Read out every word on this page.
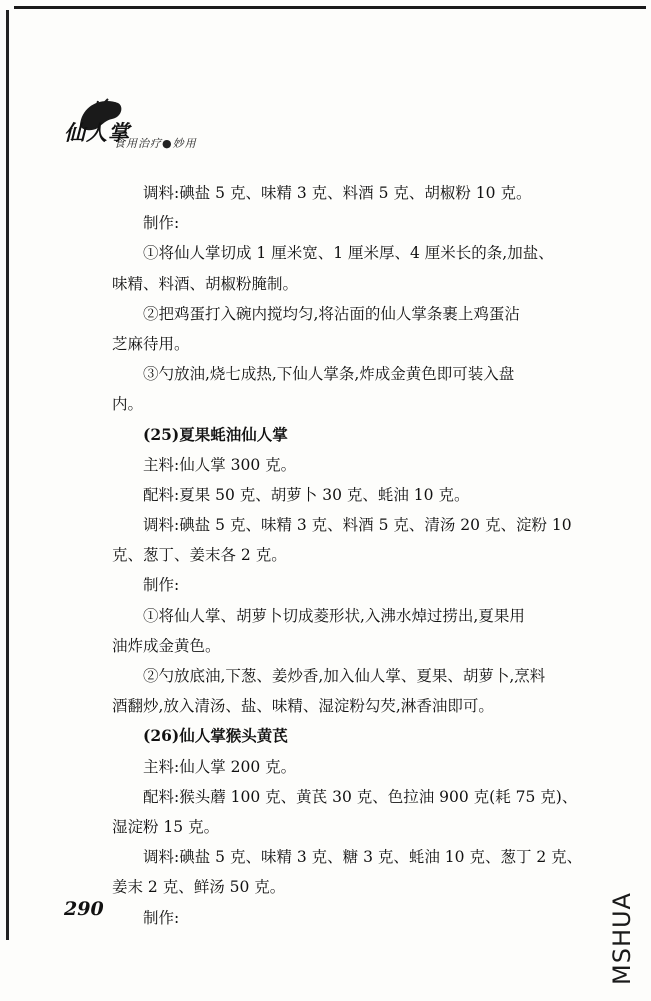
仙人掌
食用治疗●妙用
调料:碘盐 5 克、味精 3 克、料酒 5 克、胡椒粉 10 克。
制作:
①将仙人掌切成 1 厘米宽、1 厘米厚、4 厘米长的条,加盐、
味精、料酒、胡椒粉腌制。
②把鸡蛋打入碗内搅均匀,将沾面的仙人掌条裹上鸡蛋沾
芝麻待用。
③勺放油,烧七成热,下仙人掌条,炸成金黄色即可装入盘
内。
(25)夏果蚝油仙人掌
主料:仙人掌 300 克。
配料:夏果 50 克、胡萝卜 30 克、蚝油 10 克。
调料:碘盐 5 克、味精 3 克、料酒 5 克、清汤 20 克、淀粉 10
克、葱丁、姜末各 2 克。
制作:
①将仙人掌、胡萝卜切成菱形状,入沸水焯过捞出,夏果用
油炸成金黄色。
②勺放底油,下葱、姜炒香,加入仙人掌、夏果、胡萝卜,烹料
酒翻炒,放入清汤、盐、味精、湿淀粉勾芡,淋香油即可。
(26)仙人掌猴头黄芪
主料:仙人掌 200 克。
配料:猴头蘑 100 克、黄芪 30 克、色拉油 900 克(耗 75 克)、
湿淀粉 15 克。
调料:碘盐 5 克、味精 3 克、糖 3 克、蚝油 10 克、葱丁 2 克、
姜末 2 克、鲜汤 50 克。
制作:
290	MSHUA
